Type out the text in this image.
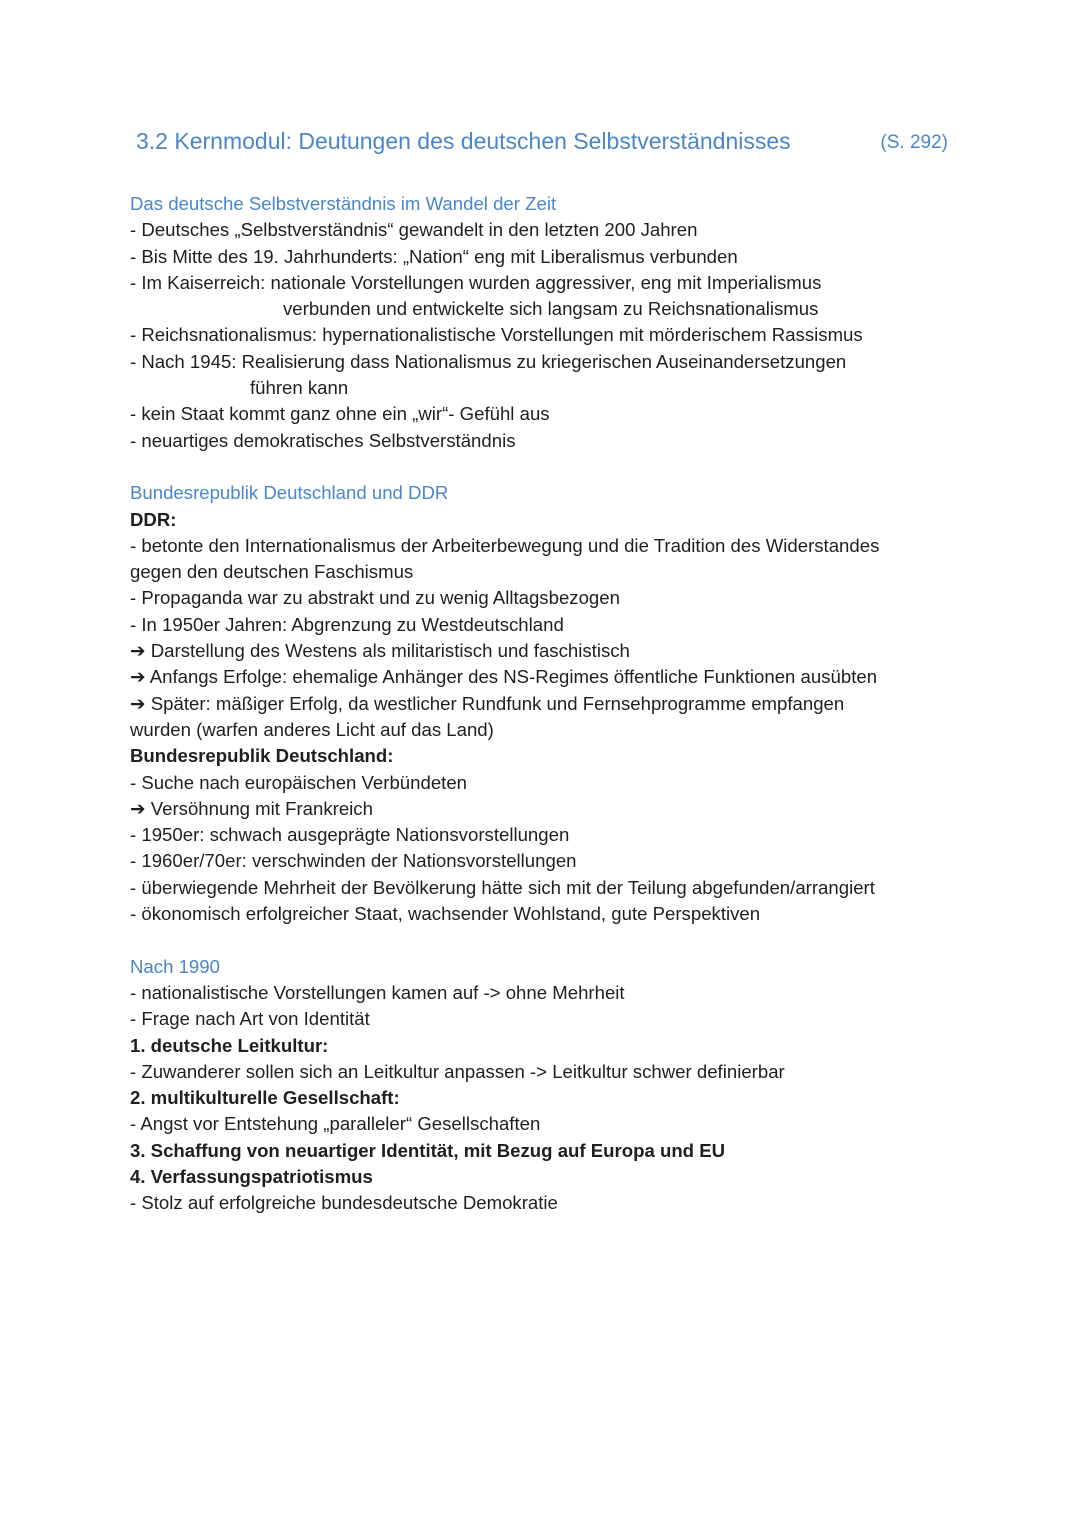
3.2 Kernmodul: Deutungen des deutschen Selbstverständnisses	(S. 292)
Das deutsche Selbstverständnis im Wandel der Zeit
- Deutsches „Selbstverständnis“ gewandelt in den letzten 200 Jahren
- Bis Mitte des 19. Jahrhunderts: „Nation“ eng mit Liberalismus verbunden
- Im Kaiserreich: nationale Vorstellungen wurden aggressiver, eng mit Imperialismus
verbunden und entwickelte sich langsam zu Reichsnationalismus
- Reichsnationalismus: hypernationalistische Vorstellungen mit mörderischem Rassismus
- Nach 1945: Realisierung dass Nationalismus zu kriegerischen Auseinandersetzungen
führen kann
- kein Staat kommt ganz ohne ein „wir“- Gefühl aus
- neuartiges demokratisches Selbstverständnis
Bundesrepublik Deutschland und DDR
DDR:
- betonte den Internationalismus der Arbeiterbewegung und die Tradition des Widerstandes
gegen den deutschen Faschismus
- Propaganda war zu abstrakt und zu wenig Alltagsbezogen
- In 1950er Jahren: Abgrenzung zu Westdeutschland
➔ Darstellung des Westens als militaristisch und faschistisch
➔ Anfangs Erfolge: ehemalige Anhänger des NS-Regimes öffentliche Funktionen ausübten
➔ Später: mäßiger Erfolg, da westlicher Rundfunk und Fernsehprogramme empfangen
wurden (warfen anderes Licht auf das Land)
Bundesrepublik Deutschland:
- Suche nach europäischen Verbündeten
➔ Versöhnung mit Frankreich
- 1950er: schwach ausgeprägte Nationsvorstellungen
- 1960er/70er: verschwinden der Nationsvorstellungen
- überwiegende Mehrheit der Bevölkerung hätte sich mit der Teilung abgefunden/arrangiert
- ökonomisch erfolgreicher Staat, wachsender Wohlstand, gute Perspektiven
Nach 1990
- nationalistische Vorstellungen kamen auf -> ohne Mehrheit
- Frage nach Art von Identität
1. deutsche Leitkultur:
- Zuwanderer sollen sich an Leitkultur anpassen -> Leitkultur schwer definierbar
2. multikulturelle Gesellschaft:
- Angst vor Entstehung „paralleler“ Gesellschaften
3. Schaffung von neuartiger Identität, mit Bezug auf Europa und EU
4. Verfassungspatriotismus
- Stolz auf erfolgreiche bundesdeutsche Demokratie
